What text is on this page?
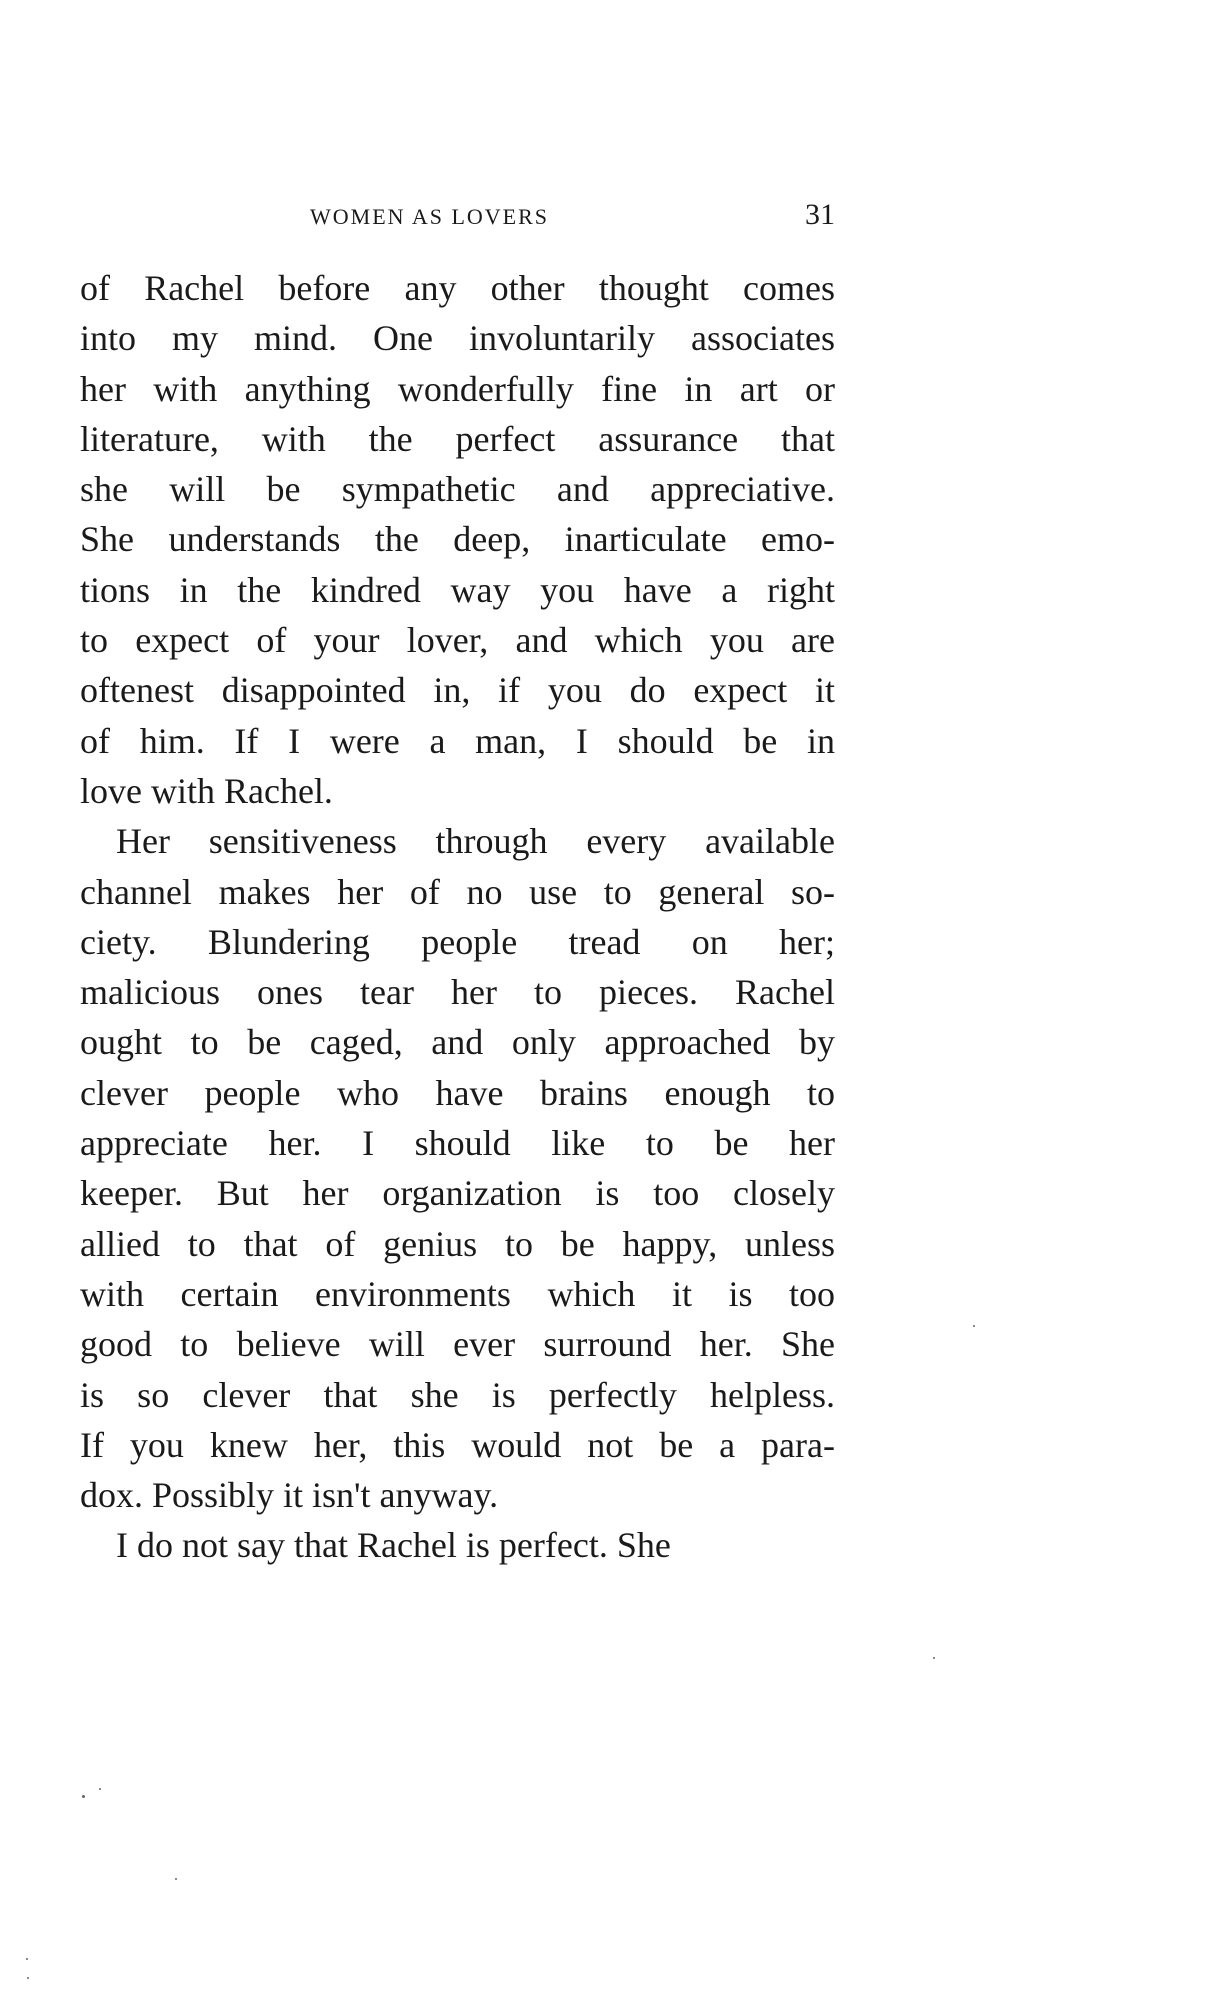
WOMEN AS LOVERS	31
of Rachel before any other thought comes
into my mind. One involuntarily associates
her with anything wonderfully fine in art or
literature, with the perfect assurance that
she will be sympathetic and appreciative.
She understands the deep, inarticulate emo-
tions in the kindred way you have a right
to expect of your lover, and which you are
oftenest disappointed in, if you do expect it
of him. If I were a man, I should be in
love with Rachel.
Her sensitiveness through every available
channel makes her of no use to general so-
ciety. Blundering people tread on her;
malicious ones tear her to pieces. Rachel
ought to be caged, and only approached by
clever people who have brains enough to
appreciate her. I should like to be her
keeper. But her organization is too closely
allied to that of genius to be happy, unless
with certain environments which it is too
good to believe will ever surround her. She
is so clever that she is perfectly helpless.
If you knew her, this would not be a para-
dox. Possibly it isn't anyway.
I do not say that Rachel is perfect. She
